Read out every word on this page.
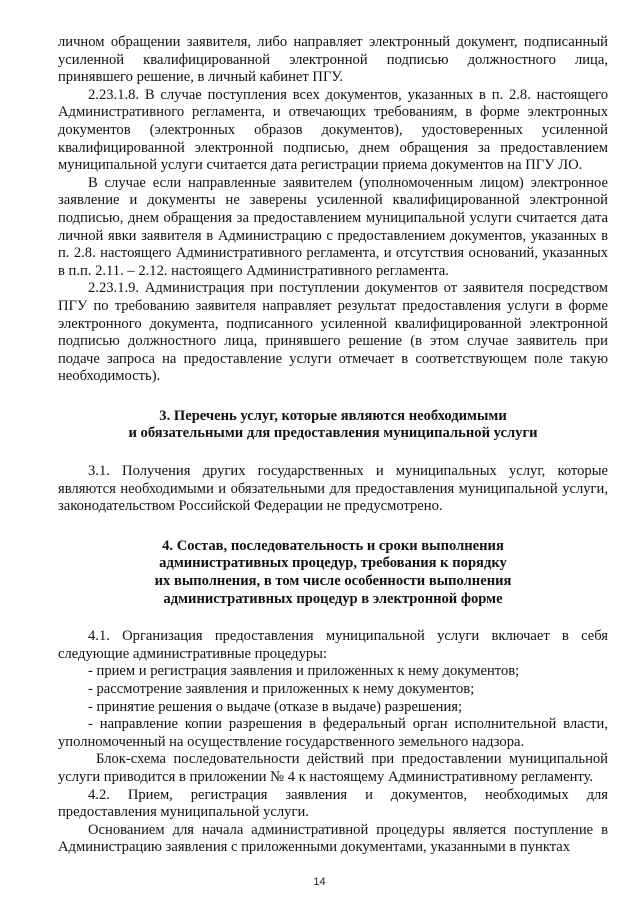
личном обращении заявителя, либо направляет электронный документ, подписанный усиленной квалифицированной электронной подписью должностного лица, принявшего решение, в личный кабинет ПГУ.

2.23.1.8. В случае поступления всех документов, указанных в п. 2.8. настоящего Административного регламента, и отвечающих требованиям, в форме электронных документов (электронных образов документов), удостоверенных усиленной квалифицированной электронной подписью, днем обращения за предоставлением муниципальной услуги считается дата регистрации приема документов на ПГУ ЛО.

В случае если направленные заявителем (уполномоченным лицом) электронное заявление и документы не заверены усиленной квалифицированной электронной подписью, днем обращения за предоставлением муниципальной услуги считается дата личной явки заявителя в Администрацию с предоставлением документов, указанных в п. 2.8. настоящего Административного регламента, и отсутствия оснований, указанных в п.п. 2.11. – 2.12. настоящего Административного регламента.

2.23.1.9. Администрация при поступлении документов от заявителя посредством ПГУ по требованию заявителя направляет результат предоставления услуги в форме электронного документа, подписанного усиленной квалифицированной электронной подписью должностного лица, принявшего решение (в этом случае заявитель при подаче запроса на предоставление услуги отмечает в соответствующем поле такую необходимость).

3. Перечень услуг, которые являются необходимыми
и обязательными для предоставления муниципальной услуги

3.1. Получения других государственных и муниципальных услуг, которые являются необходимыми и обязательными для предоставления муниципальной услуги, законодательством Российской Федерации не предусмотрено.

4. Состав, последовательность и сроки выполнения
административных процедур, требования к порядку
их выполнения, в том числе особенности выполнения
административных процедур в электронной форме

4.1. Организация предоставления муниципальной услуги включает в себя следующие административные процедуры:

- прием и регистрация заявления и приложенных к нему документов;

- рассмотрение заявления и приложенных к нему документов;

- принятие решения о выдаче (отказе в выдаче) разрешения;

- направление копии разрешения в федеральный орган исполнительной власти, уполномоченный на осуществление государственного земельного надзора.

Блок-схема последовательности действий при предоставлении муниципальной услуги приводится в приложении № 4 к настоящему Административному регламенту.

4.2. Прием, регистрация заявления и документов, необходимых для предоставления муниципальной услуги.

Основанием для начала административной процедуры является поступление в Администрацию заявления с приложенными документами, указанными в пунктах

14
